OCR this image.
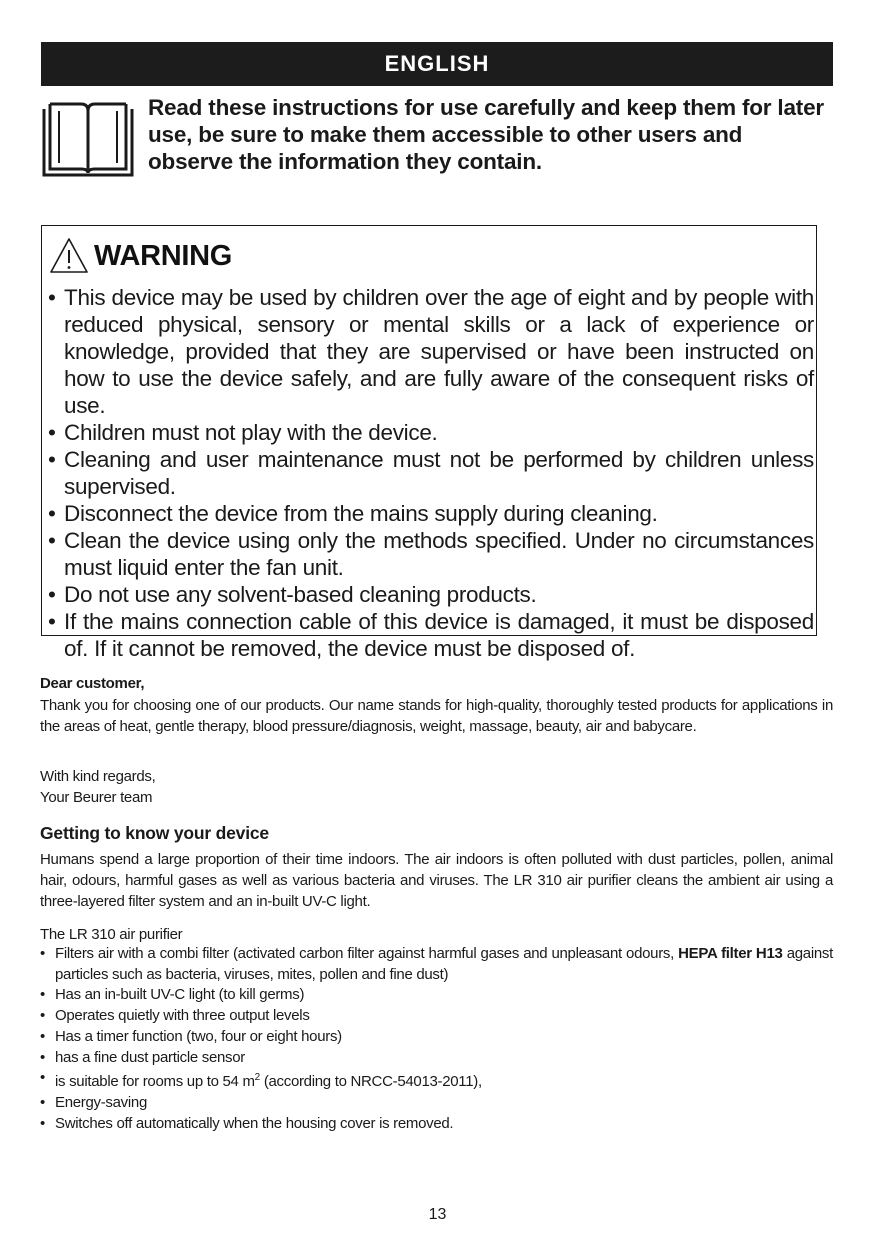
ENGLISH
Read these instructions for use carefully and keep them for later use, be sure to make them accessible to other users and observe the information they contain.
WARNING
• This device may be used by children over the age of eight and by people with reduced physical, sensory or mental skills or a lack of experience or knowledge, provided that they are supervised or have been instructed on how to use the device safely, and are fully aware of the consequent risks of use.
• Children must not play with the device.
• Cleaning and user maintenance must not be performed by children unless supervised.
• Disconnect the device from the mains supply during cleaning.
• Clean the device using only the methods specified. Under no circumstances must liquid enter the fan unit.
• Do not use any solvent-based cleaning products.
• If the mains connection cable of this device is damaged, it must be disposed of. If it cannot be removed, the device must be disposed of.
Dear customer,
Thank you for choosing one of our products. Our name stands for high-quality, thoroughly tested products for applications in the areas of heat, gentle therapy, blood pressure/diagnosis, weight, massage, beauty, air and babycare.
With kind regards,
Your Beurer team
Getting to know your device
Humans spend a large proportion of their time indoors. The air indoors is often polluted with dust particles, pollen, animal hair, odours, harmful gases as well as various bacteria and viruses. The LR 310 air purifier cleans the ambient air using a three-layered filter system and an in-built UV-C light.
The LR 310 air purifier
• Filters air with a combi filter (activated carbon filter against harmful gases and unpleasant odours, HEPA filter H13 against particles such as bacteria, viruses, mites, pollen and fine dust)
• Has an in-built UV-C light (to kill germs)
• Operates quietly with three output levels
• Has a timer function (two, four or eight hours)
• has a fine dust particle sensor
• is suitable for rooms up to 54 $m^2$ (according to NRCC-54013-2011),
• Energy-saving
• Switches off automatically when the housing cover is removed.
13
